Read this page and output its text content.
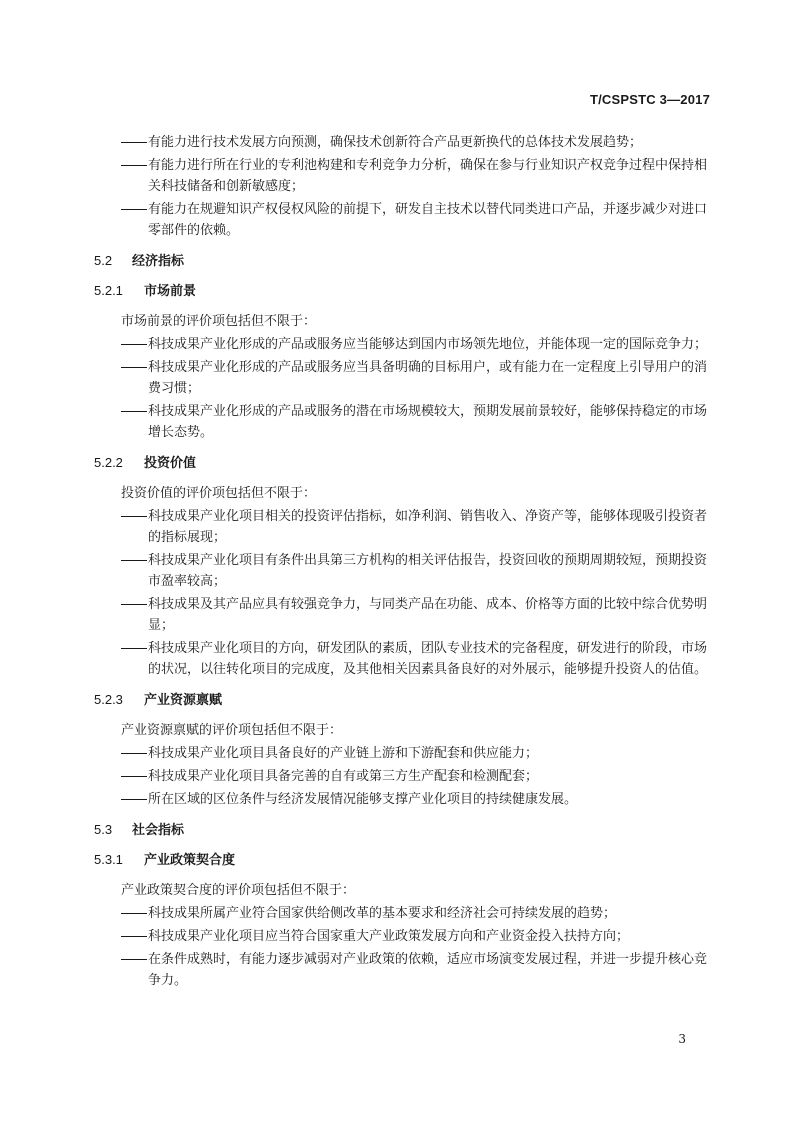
T/CSPSTC 3—2017
有能力进行技术发展方向预测，确保技术创新符合产品更新换代的总体技术发展趋势；
有能力进行所在行业的专利池构建和专利竞争力分析，确保在参与行业知识产权竞争过程中保持相关科技储备和创新敏感度；
有能力在规避知识产权侵权风险的前提下，研发自主技术以替代同类进口产品，并逐步减少对进口零部件的依赖。
5.2	经济指标
5.2.1	市场前景
市场前景的评价项包括但不限于：
科技成果产业化形成的产品或服务应当能够达到国内市场领先地位，并能体现一定的国际竞争力；
科技成果产业化形成的产品或服务应当具备明确的目标用户，或有能力在一定程度上引导用户的消费习惯；
科技成果产业化形成的产品或服务的潜在市场规模较大，预期发展前景较好，能够保持稳定的市场增长态势。
5.2.2	投资价值
投资价值的评价项包括但不限于：
科技成果产业化项目相关的投资评估指标，如净利润、销售收入、净资产等，能够体现吸引投资者的指标展现；
科技成果产业化项目有条件出具第三方机构的相关评估报告，投资回收的预期周期较短，预期投资市盈率较高；
科技成果及其产品应具有较强竞争力，与同类产品在功能、成本、价格等方面的比较中综合优势明显；
科技成果产业化项目的方向，研发团队的素质，团队专业技术的完备程度，研发进行的阶段，市场的状况，以往转化项目的完成度，及其他相关因素具备良好的对外展示，能够提升投资人的估值。
5.2.3	产业资源禀赋
产业资源禀赋的评价项包括但不限于：
科技成果产业化项目具备良好的产业链上游和下游配套和供应能力；
科技成果产业化项目具备完善的自有或第三方生产配套和检测配套；
所在区域的区位条件与经济发展情况能够支撑产业化项目的持续健康发展。
5.3	社会指标
5.3.1	产业政策契合度
产业政策契合度的评价项包括但不限于：
科技成果所属产业符合国家供给侧改革的基本要求和经济社会可持续发展的趋势；
科技成果产业化项目应当符合国家重大产业政策发展方向和产业资金投入扶持方向；
在条件成熟时，有能力逐步减弱对产业政策的依赖，适应市场演变发展过程，并进一步提升核心竞争力。
3
